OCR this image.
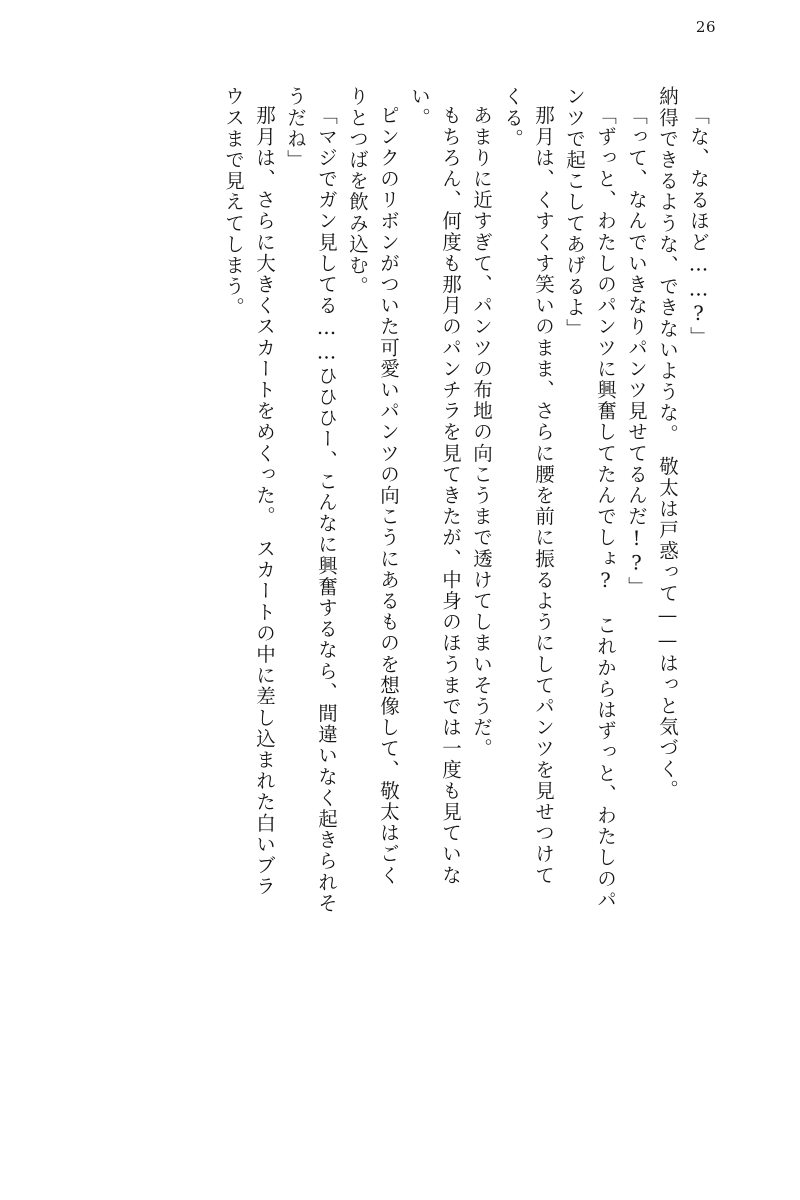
26
「な、なるほど……?」
納得できるような、できないような。　敬太は戸惑って——はっと気づく。
「って、なんでいきなりパンツ見せてるんだ!?」
「ずっと、わたしのパンツに興奮してたんでしょ?　これからはずっと、わたしのパ
ンツで起こしてあげるよ」
那月は、くすくす笑いのまま、さらに腰を前に振るようにしてパンツを見せつけて
くる。
あまりに近すぎて、パンツの布地の向こうまで透けてしまいそうだ。
もちろん、何度も那月のパンチラを見てきたが、中身のほうまでは一度も見ていな
い。
ピンクのリボンがついた可愛いパンツの向こうにあるものを想像して、敬太はごく
りとつばを飲み込む。
「マジでガン見してる……ひひひー、こんなに興奮するなら、間違いなく起きられそ
うだね」
那月は、さらに大きくスカートをめくった。　スカートの中に差し込まれた白いブラ
ウスまで見えてしまう。
